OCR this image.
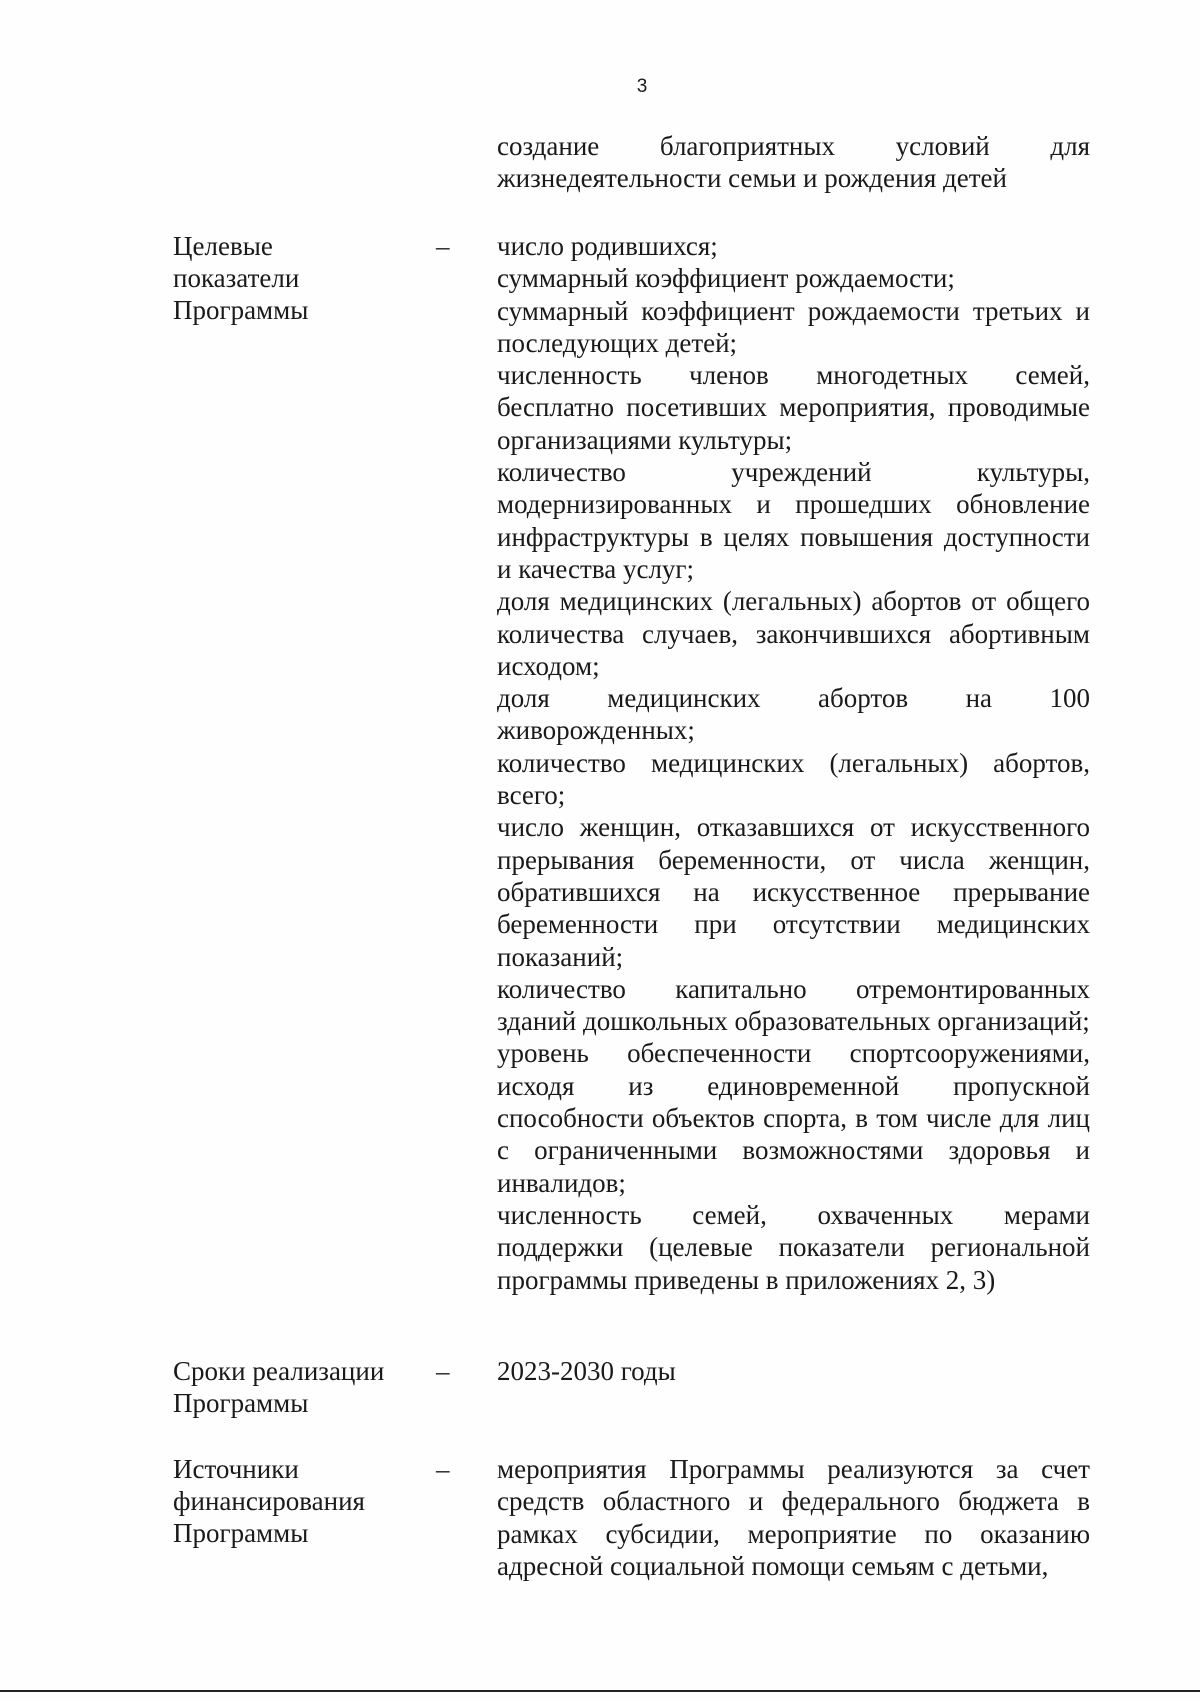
3

создание благоприятных условий для жизнедеятельности семьи и рождения детей

Целевые
показатели
Программы
– число родившихся;

суммарный коэффициент рождаемости;

суммарный коэффициент рождаемости третьих и последующих детей;

численность членов многодетных семей, бесплатно посетивших мероприятия, проводимые организациями культуры;

количество учреждений культуры, модернизированных и прошедших обновление инфраструктуры в целях повышения доступности и качества услуг;

доля медицинских (легальных) абортов от общего количества случаев, закончившихся абортивным исходом;

доля медицинских абортов на 100 живорожденных;

количество медицинских (легальных) абортов, всего;

число женщин, отказавшихся от искусственного прерывания беременности, от числа женщин, обратившихся на искусственное прерывание беременности при отсутствии медицинских показаний;

количество капитально отремонтированных зданий дошкольных образовательных организаций;

уровень обеспеченности спортсооружениями, исходя из единовременной пропускной способности объектов спорта, в том числе для лиц с ограниченными возможностями здоровья и инвалидов;

численность семей, охваченных мерами поддержки (целевые показатели региональной программы приведены в приложениях 2, 3)

Сроки реализации
Программы
– 2023-2030 годы

Источники
финансирования
Программы
– мероприятия Программы реализуются за счет средств областного и федерального бюджета в рамках субсидии, мероприятие по оказанию адресной социальной помощи семьям с детьми,
